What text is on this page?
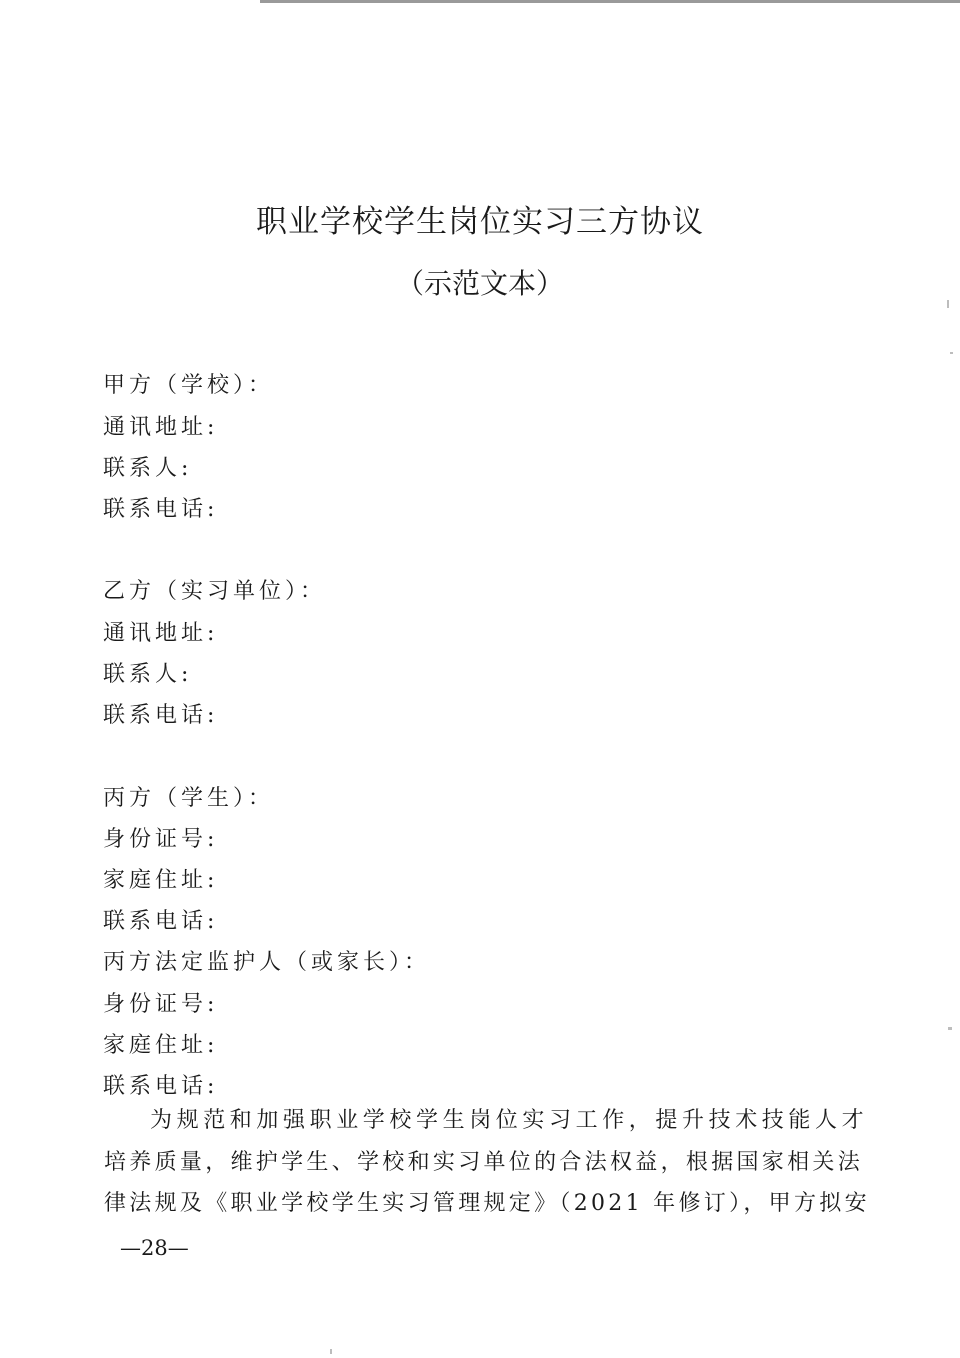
职业学校学生岗位实习三方协议
（示范文本）
甲方（学校）：
通讯地址:
联系人:
联系电话:
乙方（实习单位）：
通讯地址:
联系人:
联系电话:
丙方（学生）：
身份证号:
家庭住址:
联系电话:
丙方法定监护人（或家长）：
身份证号:
家庭住址:
联系电话:
为规范和加强职业学校学生岗位实习工作，提升技术技能人才
培养质量，维护学生、学校和实习单位的合法权益，根据国家相关法
律法规及《职业学校学生实习管理规定》（2021 年修订），甲方拟安
—28—
